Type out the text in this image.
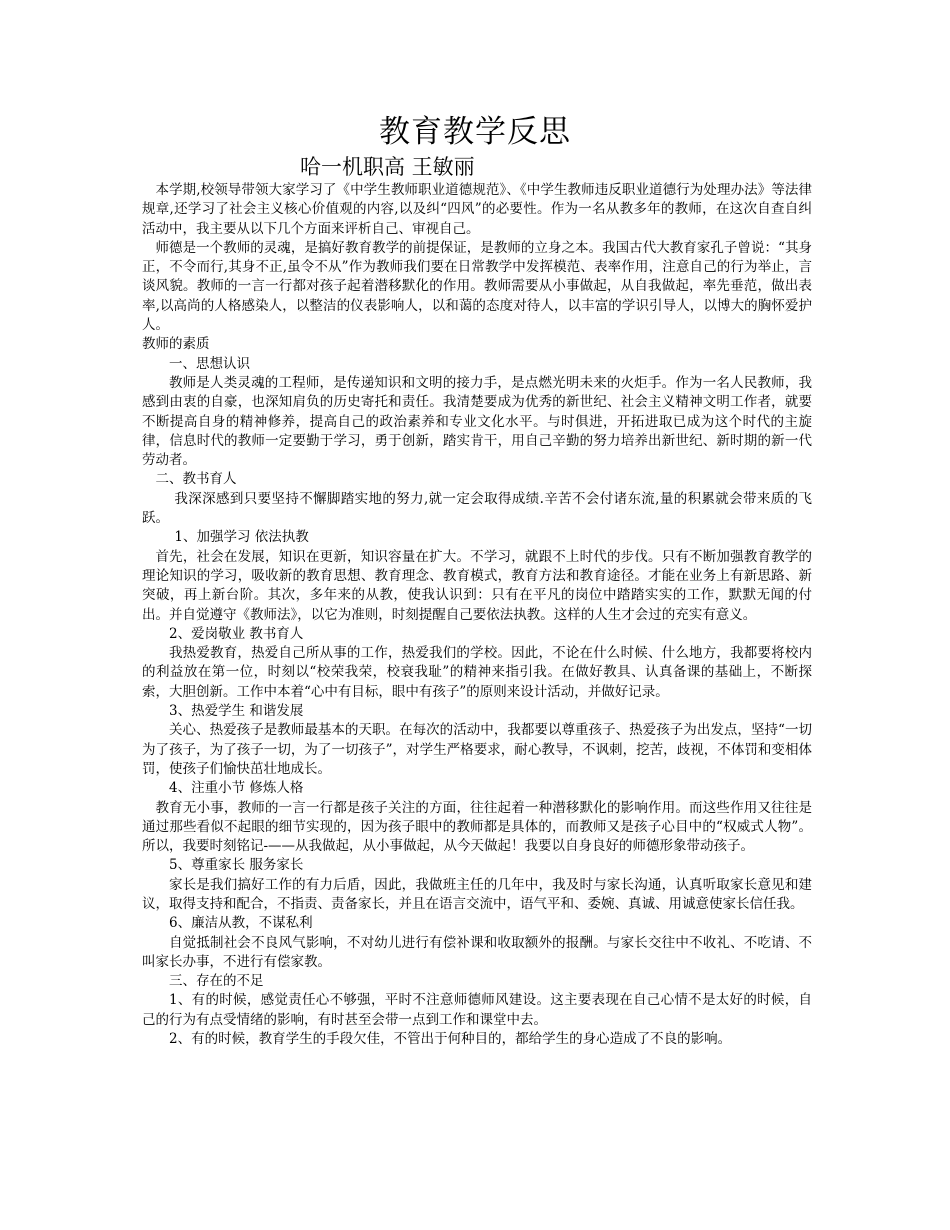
教育教学反思
哈一机职高 王敏丽

本学期,校领导带领大家学习了《中学生教师职业道德规范》、《中学生教师违反职业道德行为处理办法》等法律规章,还学习了社会主义核心价值观的内容,以及纠“四风”的必要性。作为一名从教多年的教师，在这次自查自纠活动中，我主要从以下几个方面来评析自己、审视自己。

师德是一个教师的灵魂，是搞好教育教学的前提保证，是教师的立身之本。我国古代大教育家孔子曾说：“其身正，不令而行,其身不正,虽令不从”作为教师我们要在日常教学中发挥模范、表率作用，注意自己的行为举止，言谈风貌。教师的一言一行都对孩子起着潜移默化的作用。教师需要从小事做起，从自我做起，率先垂范，做出表率,以高尚的人格感染人，以整洁的仪表影响人，以和蔼的态度对待人，以丰富的学识引导人，以博大的胸怀爱护人。

教师的素质

一、思想认识

教师是人类灵魂的工程师，是传递知识和文明的接力手，是点燃光明未来的火炬手。作为一名人民教师，我感到由衷的自豪，也深知肩负的历史寄托和责任。我清楚要成为优秀的新世纪、社会主义精神文明工作者，就要不断提高自身的精神修养，提高自己的政治素养和专业文化水平。与时俱进，开拓进取已成为这个时代的主旋律，信息时代的教师一定要勤于学习，勇于创新，踏实肯干，用自己辛勤的努力培养出新世纪、新时期的新一代劳动者。

二、教书育人

我深深感到只要坚持不懈脚踏实地的努力,就一定会取得成绩.辛苦不会付诸东流,量的积累就会带来质的飞跃。

1、加强学习 依法执教

首先，社会在发展，知识在更新，知识容量在扩大。不学习，就跟不上时代的步伐。只有不断加强教育教学的理论知识的学习，吸收新的教育思想、教育理念、教育模式，教育方法和教育途径。才能在业务上有新思路、新突破，再上新台阶。其次，多年来的从教，使我认识到：只有在平凡的岗位中踏踏实实的工作，默默无闻的付出。并自觉遵守《教师法》，以它为准则，时刻提醒自己要依法执教。这样的人生才会过的充实有意义。

2、爱岗敬业 教书育人

我热爱教育，热爱自己所从事的工作，热爱我们的学校。因此，不论在什么时候、什么地方，我都要将校内的利益放在第一位，时刻以“校荣我荣，校衰我耻”的精神来指引我。在做好教具、认真备课的基础上，不断探索，大胆创新。工作中本着“心中有目标，眼中有孩子”的原则来设计活动，并做好记录。

3、热爱学生 和谐发展

关心、热爱孩子是教师最基本的天职。在每次的活动中，我都要以尊重孩子、热爱孩子为出发点，坚持“一切为了孩子，为了孩子一切，为了一切孩子”，对学生严格要求，耐心教导，不讽刺，挖苦，歧视，不体罚和变相体罚，使孩子们愉快茁壮地成长。

4、注重小节 修炼人格

教育无小事，教师的一言一行都是孩子关注的方面，往往起着一种潜移默化的影响作用。而这些作用又往往是通过那些看似不起眼的细节实现的，因为孩子眼中的教师都是具体的，而教师又是孩子心目中的“权威式人物”。所以，我要时刻铭记-——从我做起，从小事做起，从今天做起！我要以自身良好的师德形象带动孩子。

5、尊重家长 服务家长

家长是我们搞好工作的有力后盾，因此，我做班主任的几年中，我及时与家长沟通，认真听取家长意见和建议，取得支持和配合，不指责、责备家长，并且在语言交流中，语气平和、委婉、真诚、用诚意使家长信任我。

6、廉洁从教，不谋私利

自觉抵制社会不良风气影响，不对幼儿进行有偿补课和收取额外的报酬。与家长交往中不收礼、不吃请、不叫家长办事，不进行有偿家教。

三、存在的不足

1、有的时候，感觉责任心不够强，平时不注意师德师风建设。这主要表现在自己心情不是太好的时候，自己的行为有点受情绪的影响，有时甚至会带一点到工作和课堂中去。

2、有的时候，教育学生的手段欠佳，不管出于何种目的，都给学生的身心造成了不良的影响。
